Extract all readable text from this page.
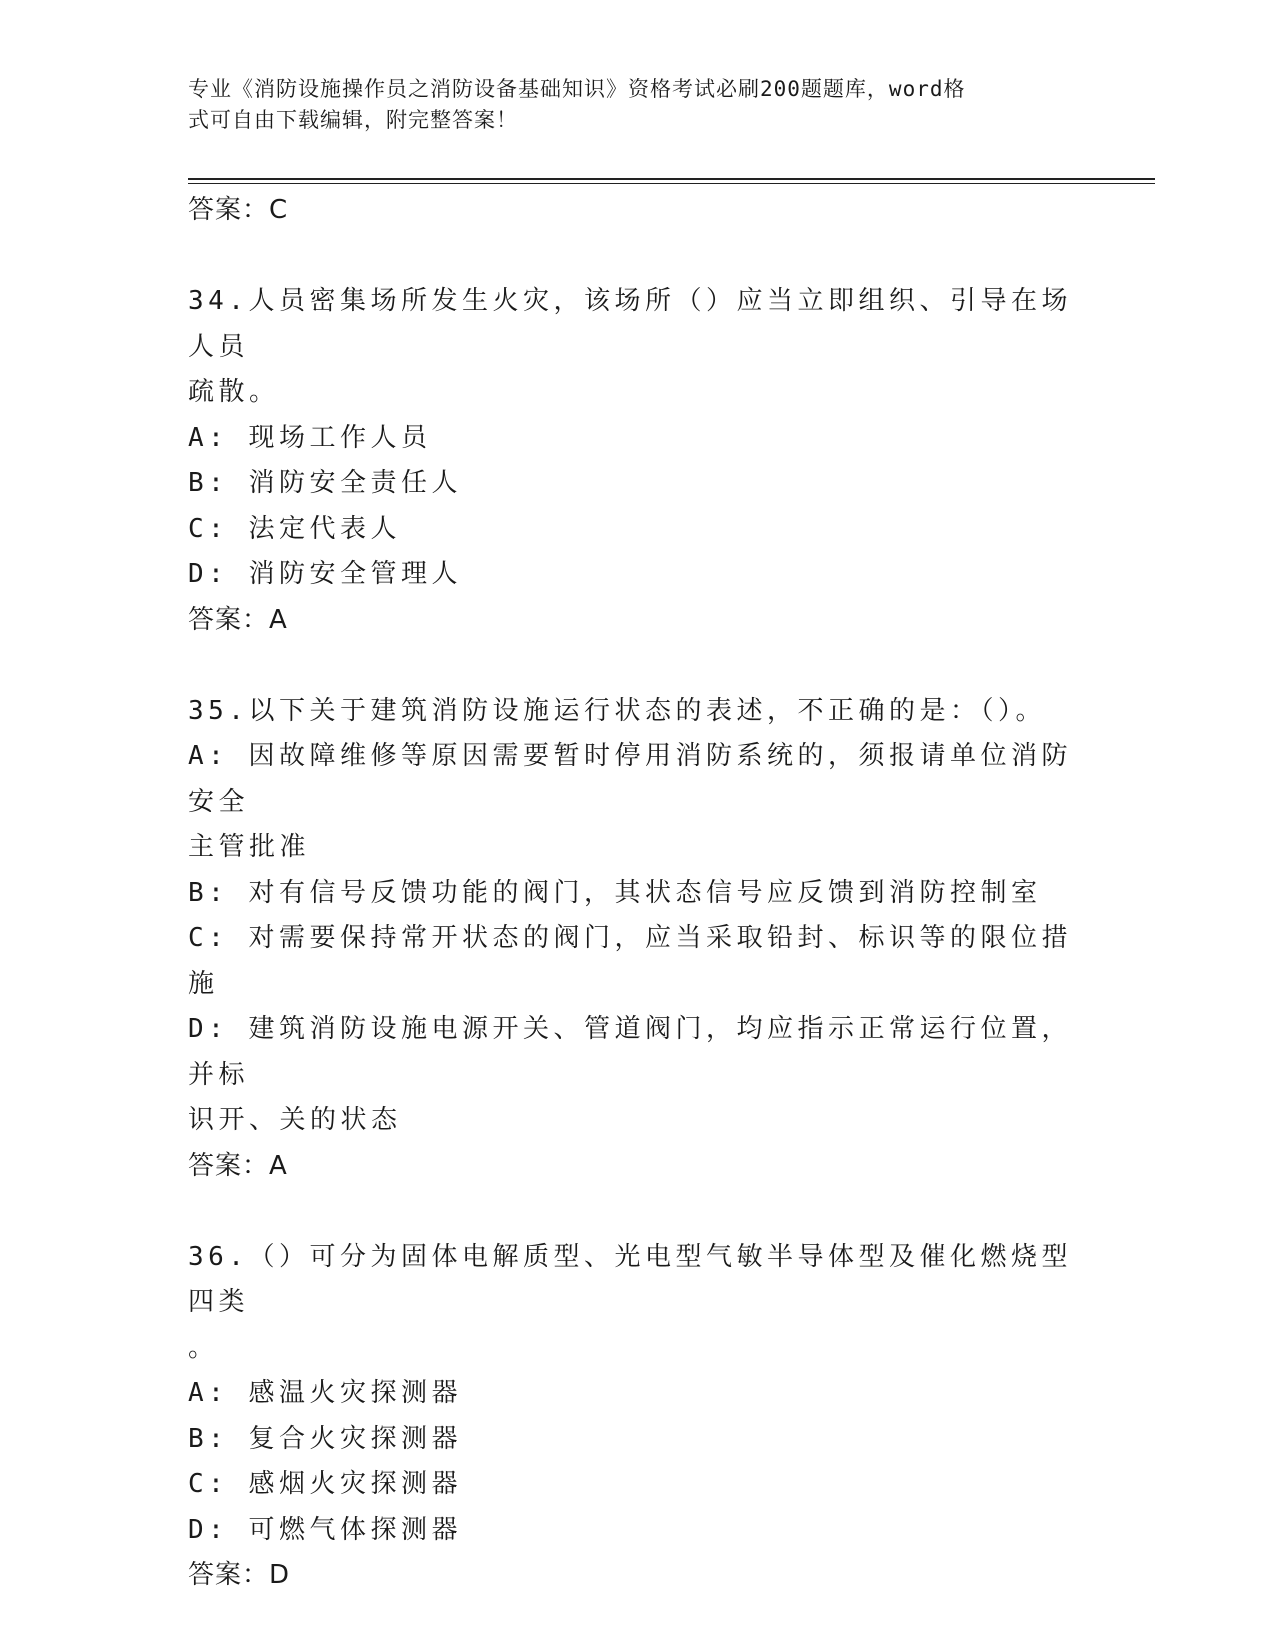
专业《消防设施操作员之消防设备基础知识》资格考试必刷200题题库，word格
式可自由下载编辑，附完整答案！
答案：C
34.人员密集场所发生火灾，该场所（）应当立即组织、引导在场人员
疏散。
A: 现场工作人员
B: 消防安全责任人
C: 法定代表人
D: 消防安全管理人
答案：A
35.以下关于建筑消防设施运行状态的表述，不正确的是：（）。
A: 因故障维修等原因需要暂时停用消防系统的，须报请单位消防安全
主管批准
B: 对有信号反馈功能的阀门，其状态信号应反馈到消防控制室
C: 对需要保持常开状态的阀门，应当采取铅封、标识等的限位措施
D: 建筑消防设施电源开关、管道阀门，均应指示正常运行位置，并标
识开、关的状态
答案：A
36.（）可分为固体电解质型、光电型气敏半导体型及催化燃烧型四类
。
A: 感温火灾探测器
B: 复合火灾探测器
C: 感烟火灾探测器
D: 可燃气体探测器
答案：D
